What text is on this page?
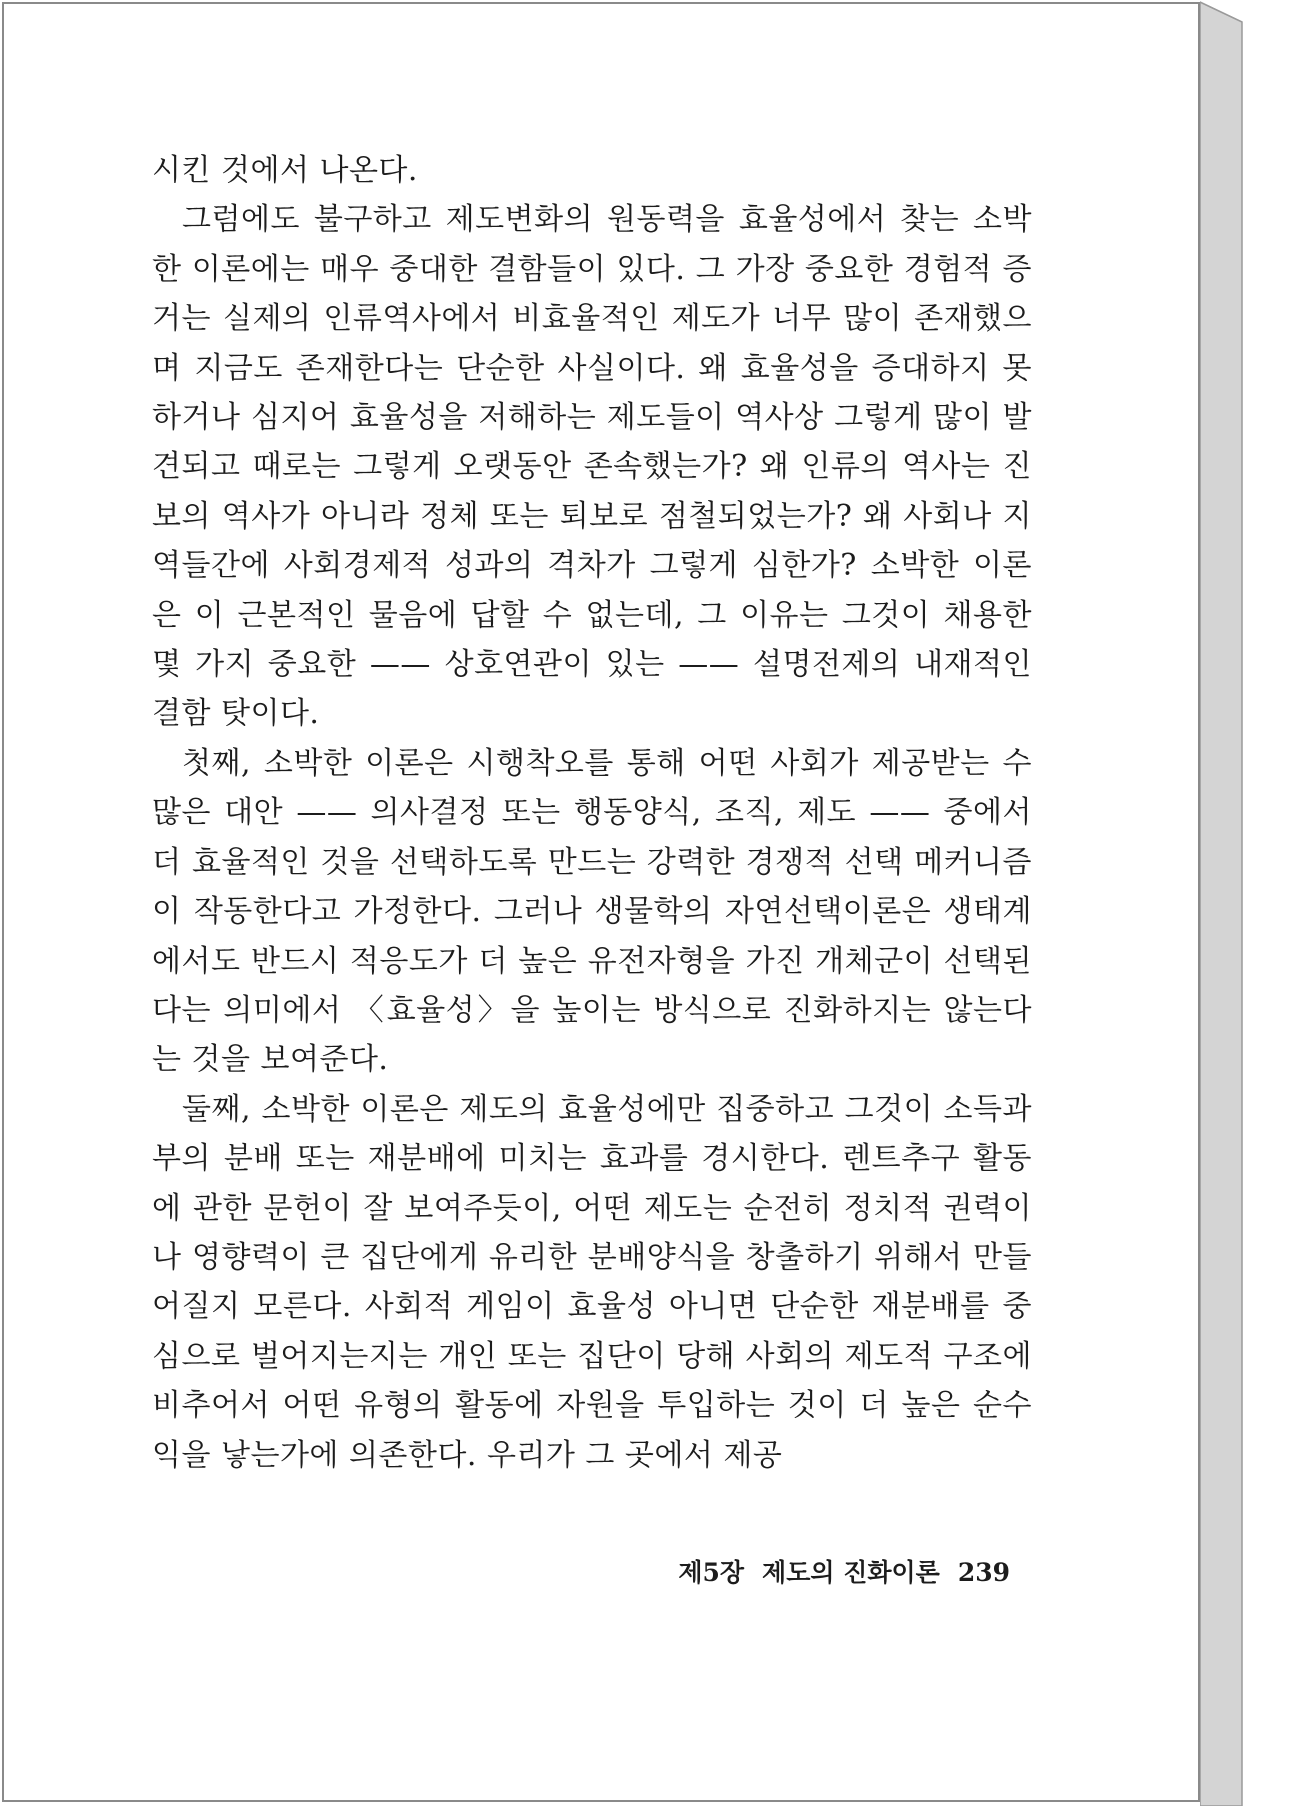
시킨 것에서 나온다.

그럼에도 불구하고 제도변화의 원동력을 효율성에서 찾는 소박한 이론에는 매우 중대한 결함들이 있다. 그 가장 중요한 경험적 증거는 실제의 인류역사에서 비효율적인 제도가 너무 많이 존재했으며 지금도 존재한다는 단순한 사실이다. 왜 효율성을 증대하지 못하거나 심지어 효율성을 저해하는 제도들이 역사상 그렇게 많이 발견되고 때로는 그렇게 오랫동안 존속했는가? 왜 인류의 역사는 진보의 역사가 아니라 정체 또는 퇴보로 점철되었는가? 왜 사회나 지역들간에 사회경제적 성과의 격차가 그렇게 심한가? 소박한 이론은 이 근본적인 물음에 답할 수 없는데, 그 이유는 그것이 채용한 몇 가지 중요한 —— 상호연관이 있는 —— 설명전제의 내재적인 결함 탓이다.

첫째, 소박한 이론은 시행착오를 통해 어떤 사회가 제공받는 수많은 대안 —— 의사결정 또는 행동양식, 조직, 제도 —— 중에서 더 효율적인 것을 선택하도록 만드는 강력한 경쟁적 선택 메커니즘이 작동한다고 가정한다. 그러나 생물학의 자연선택이론은 생태계에서도 반드시 적응도가 더 높은 유전자형을 가진 개체군이 선택된다는 의미에서 〈효율성〉을 높이는 방식으로 진화하지는 않는다는 것을 보여준다.

둘째, 소박한 이론은 제도의 효율성에만 집중하고 그것이 소득과 부의 분배 또는 재분배에 미치는 효과를 경시한다. 렌트추구 활동에 관한 문헌이 잘 보여주듯이, 어떤 제도는 순전히 정치적 권력이나 영향력이 큰 집단에게 유리한 분배양식을 창출하기 위해서 만들어질지 모른다. 사회적 게임이 효율성 아니면 단순한 재분배를 중심으로 벌어지는지는 개인 또는 집단이 당해 사회의 제도적 구조에 비추어서 어떤 유형의 활동에 자원을 투입하는 것이 더 높은 순수익을 낳는가에 의존한다. 우리가 그 곳에서 제공

제5장 제도의 진화이론 239
